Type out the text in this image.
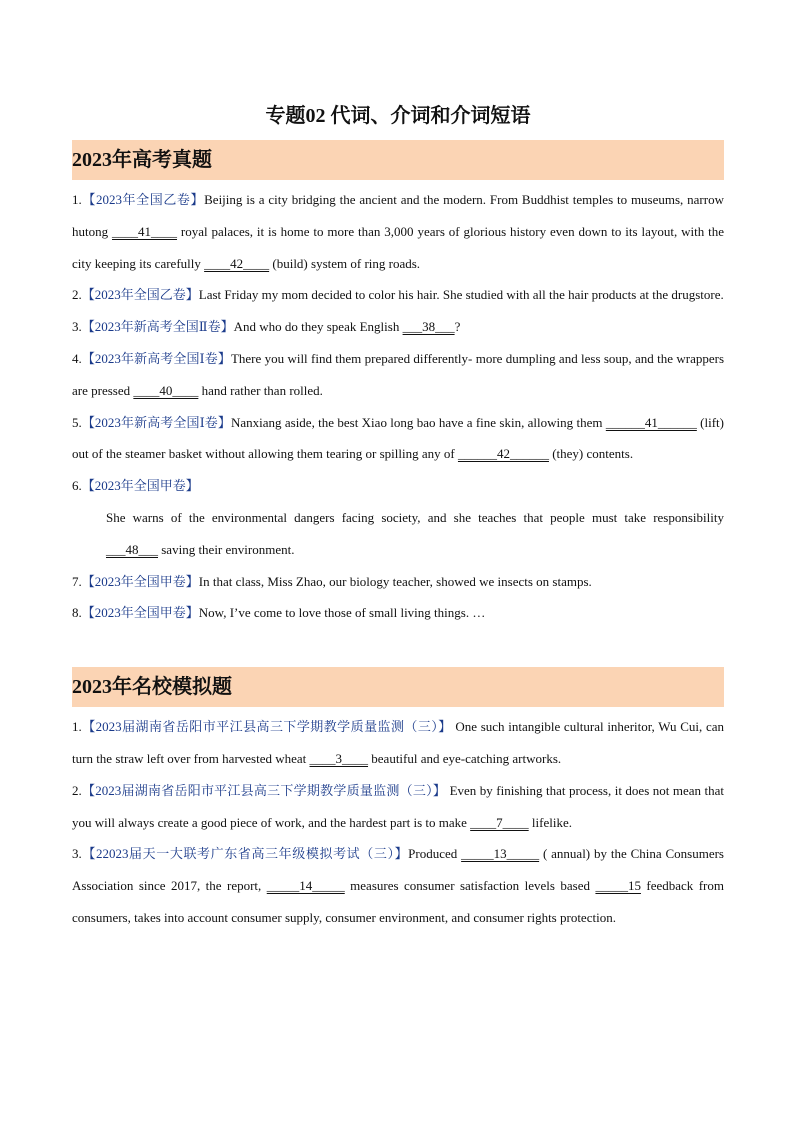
专题02 代词、介词和介词短语
2023年高考真题

1.【2023年全国乙卷】Beijing is a city bridging the ancient and the modern. From Buddhist temples to museums, narrow hutong ____41____ royal palaces, it is home to more than 3,000 years of glorious history even down to its layout, with the city keeping its carefully ____42____ (build) system of ring roads.

2.【2023年全国乙卷】Last Friday my mom decided to color his hair. She studied with all the hair products at the drugstore.

3.【2023年新高考全国Ⅱ卷】And who do they speak English ___38___?

4.【2023年新高考全国Ⅰ卷】There you will find them prepared differently- more dumpling and less soup, and the wrappers are pressed ____40____ hand rather than rolled.

5.【2023年新高考全国Ⅰ卷】Nanxiang aside, the best Xiao long bao have a fine skin, allowing them ______41______ (lift) out of the steamer basket without allowing them tearing or spilling any of ______42______ (they) contents.

6.【2023年全国甲卷】

She warns of the environmental dangers facing society, and she teaches that people must take responsibility ___48___ saving their environment.

7.【2023年全国甲卷】In that class, Miss Zhao, our biology teacher, showed we insects on stamps.

8.【2023年全国甲卷】Now, I’ve come to love those of small living things. …

2023年名校模拟题

1.【2023届湖南省岳阳市平江县高三下学期教学质量监测（三）】 One such intangible cultural inheritor, Wu Cui, can turn the straw left over from harvested wheat ____3____ beautiful and eye-catching artworks.

2.【2023届湖南省岳阳市平江县高三下学期教学质量监测（三）】 Even by finishing that process, it does not mean that you will always create a good piece of work, and the hardest part is to make ____7____ lifelike.

3.【22023届天一大联考广东省高三年级模拟考试（三）】Produced _____13_____ ( annual) by the China Consumers Association since 2017, the report, _____14_____ measures consumer satisfaction levels based _____15 feedback from consumers, takes into account consumer supply, consumer environment, and consumer rights protection.
